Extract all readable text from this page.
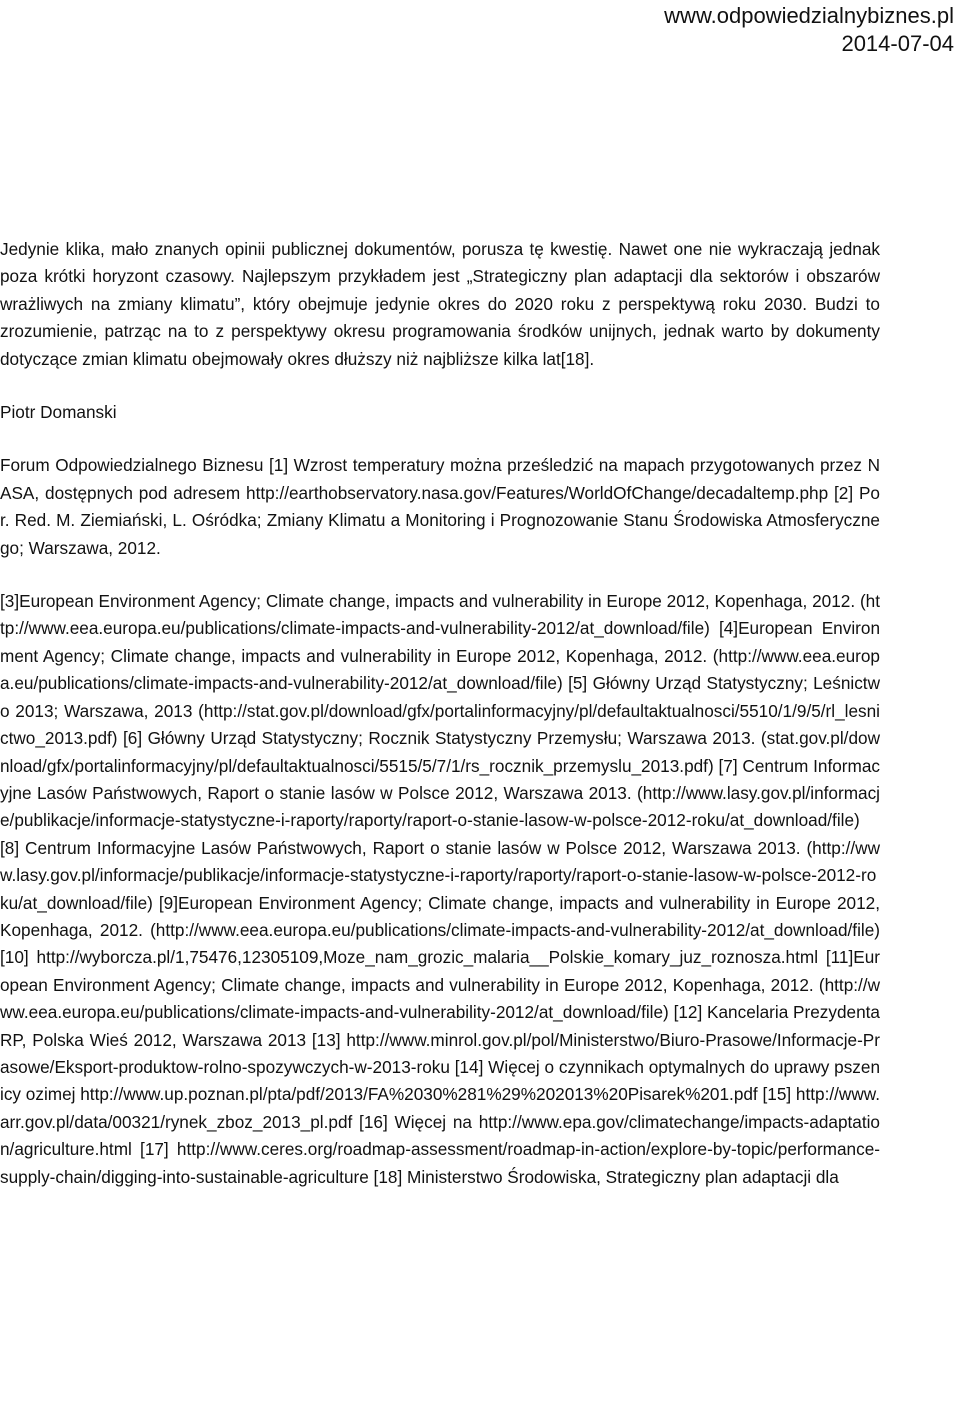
www.odpowiedzialnybiznes.pl
2014-07-04

Jedynie klika, mało znanych opinii publicznej dokumentów, porusza tę kwestię. Nawet one nie wykraczają jednak poza krótki horyzont czasowy. Najlepszym przykładem jest „Strategiczny plan adaptacji dla sektorów i obszarów wrażliwych na zmiany klimatu”, który obejmuje jedynie okres do 2020 roku z perspektywą roku 2030. Budzi to zrozumienie, patrząc na to z perspektywy okresu programowania środków unijnych, jednak warto by dokumenty dotyczące zmian klimatu obejmowały okres dłuższy niż najbliższe kilka lat[18].

Piotr Domanski

Forum Odpowiedzialnego Biznesu [1] Wzrost temperatury można prześledzić na mapach przygotowanych przez NASA, dostępnych pod adresem http://earthobservatory.nasa.gov/Features/WorldOfChange/decadaltemp.php [2] Por. Red. M. Ziemiański, L. Ośródka; Zmiany Klimatu a Monitoring i Prognozowanie Stanu Środowiska Atmosferycznego; Warszawa, 2012.

[3]European Environment Agency; Climate change, impacts and vulnerability in Europe 2012, Kopenhaga, 2012. (http://www.eea.europa.eu/publications/climate-impacts-and-vulnerability-2012/at_download/file) [4]European Environment Agency; Climate change, impacts and vulnerability in Europe 2012, Kopenhaga, 2012. (http://www.eea.europa.eu/publications/climate-impacts-and-vulnerability-2012/at_download/file) [5] Główny Urząd Statystyczny; Leśnictwo 2013; Warszawa, 2013 (http://stat.gov.pl/download/gfx/portalinformacyjny/pl/defaultaktualnosci/5510/1/9/5/rl_lesnictwo_2013.pdf) [6] Główny Urząd Statystyczny; Rocznik Statystyczny Przemysłu; Warszawa 2013. (stat.gov.pl/download/gfx/portalinformacyjny/pl/defaultaktualnosci/5515/5/7/1/rs_rocznik_przemyslu_2013.pdf) [7] Centrum Informacyjne Lasów Państwowych, Raport o stanie lasów w Polsce 2012, Warszawa 2013. (http://www.lasy.gov.pl/informacje/publikacje/informacje-statystyczne-i-raporty/raporty/raport-o-stanie-lasow-w-polsce-2012-roku/at_download/file) [8] Centrum Informacyjne Lasów Państwowych, Raport o stanie lasów w Polsce 2012, Warszawa 2013. (http://www.lasy.gov.pl/informacje/publikacje/informacje-statystyczne-i-raporty/raporty/raport-o-stanie-lasow-w-polsce-2012-roku/at_download/file) [9]European Environment Agency; Climate change, impacts and vulnerability in Europe 2012, Kopenhaga, 2012. (http://www.eea.europa.eu/publications/climate-impacts-and-vulnerability-2012/at_download/file) [10] http://wyborcza.pl/1,75476,12305109,Moze_nam_grozic_malaria__Polskie_komary_juz_roznosza.html [11]European Environment Agency; Climate change, impacts and vulnerability in Europe 2012, Kopenhaga, 2012. (http://www.eea.europa.eu/publications/climate-impacts-and-vulnerability-2012/at_download/file) [12] Kancelaria Prezydenta RP, Polska Wieś 2012, Warszawa 2013 [13] http://www.minrol.gov.pl/pol/Ministerstwo/Biuro-Prasowe/Informacje-Prasowe/Eksport-produktow-rolno-spozywczych-w-2013-roku [14] Więcej o czynnikach optymalnych do uprawy pszenicy ozimej http://www.up.poznan.pl/pta/pdf/2013/FA%2030%281%29%202013%20Pisarek%201.pdf [15] http://www.arr.gov.pl/data/00321/rynek_zboz_2013_pl.pdf [16] Więcej na http://www.epa.gov/climatechange/impacts-adaptation/agriculture.html [17] http://www.ceres.org/roadmap-assessment/roadmap-in-action/explore-by-topic/performance-supply-chain/digging-into-sustainable-agriculture [18] Ministerstwo Środowiska, Strategiczny plan adaptacji dla
